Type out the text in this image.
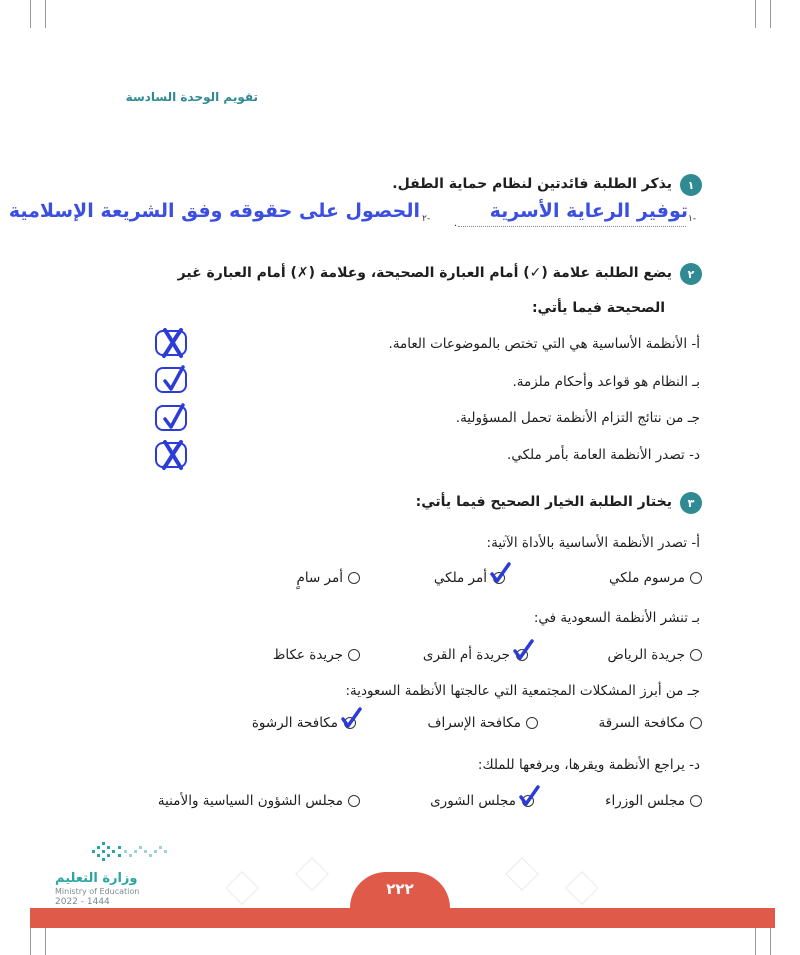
تقويم الوحدة السادسة
١
يذكر الطلبة فائدتين لنظام حماية الطفل.
١-
توفير الرعاية الأسرية
.
٢-
الحصول على حقوقه وفق الشريعة الإسلامية
٢
يضع الطلبة علامة (✓) أمام العبارة الصحيحة، وعلامة (✗) أمام العبارة غير
الصحيحة فيما يأتي:
أ- الأنظمة الأساسية هي التي تختص بالموضوعات العامة.
بـ النظام هو قواعد وأحكام ملزمة.
جـ من نتائج التزام الأنظمة تحمل المسؤولية.
د- تصدر الأنظمة العامة بأمر ملكي.
٣
يختار الطلبة الخيار الصحيح فيما يأتي:
أ- تصدر الأنظمة الأساسية بالأداة الآتية:
مرسوم ملكي
أمر ملكي
أمر سامٍ
بـ تنشر الأنظمة السعودية في:
جريدة الرياض
جريدة أم القرى
جريدة عكاظ
جـ من أبرز المشكلات المجتمعية التي عالجتها الأنظمة السعودية:
مكافحة السرقة
مكافحة الإسراف
مكافحة الرشوة
د- يراجع الأنظمة ويقرها، ويرفعها للملك:
مجلس الوزراء
مجلس الشورى
مجلس الشؤون السياسية والأمنية
وزارة التعليم
Ministry of Education
2022 - 1444
٢٢٢
